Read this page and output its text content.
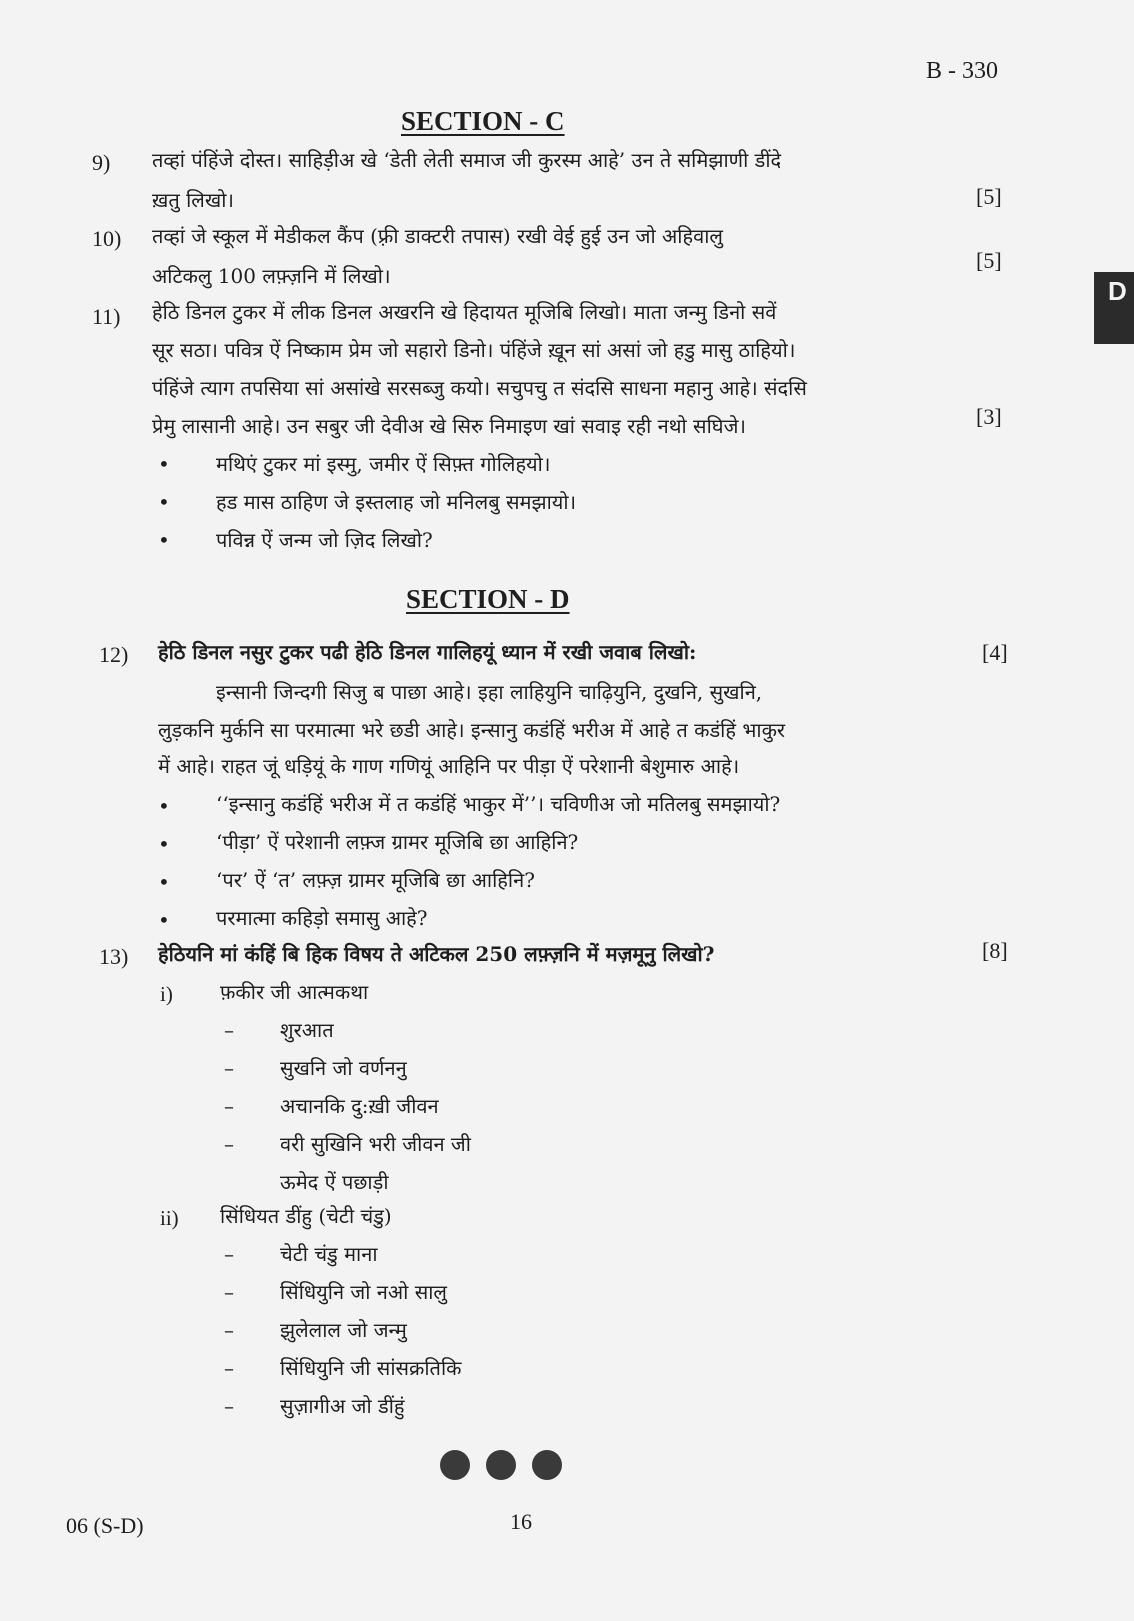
B - 330
D
SECTION - C
9) तव्हां पंहिंजे दोस्त। साहिड़ीअ खे ‘डेती लेती समाज जी कुरस्म आहे’ उन ते समिझाणी डींदे
ख़तु लिखो।	[5]
10) तव्हां जे स्कूल में मेडीकल कैंप (फ़्री डाक्टरी तपास) रखी वेई हुई उन जो अहिवालु
अटिकलु 100 लफ़्ज़नि में लिखो।
[5]
11) हेठि डिनल टुकर में लीक डिनल अखरनि खे हिदायत मूजिबि लिखो। माता जन्मु डिनो सवें
सूर सठा। पवित्र ऐं निष्काम प्रेम जो सहारो डिनो। पंहिंजे ख़ून सां असां जो हडु मासु ठाहियो।
पंहिंजे त्याग तपसिया सां असांखे सरसब्जु कयो। सचुपचु त संदसि साधना महानु आहे। संदसि
प्रेमु लासानी आहे। उन सबुर जी देवीअ खे सिरु निमाइण खां सवाइ रही नथो सघिजे।	[3]
• मथिएं टुकर मां इस्मु, जमीर ऐं सिफ़्त गोलिहयो।
• हड मास ठाहिण जे इस्तलाह जो मनिलबु समझायो।
• पविन्न ऐं जन्म जो ज़िद लिखो?
SECTION - D
12) हेठि डिनल नसुर टुकर पढी हेठि डिनल गालिहयूं ध्यान में रखी जवाब लिखो:	[4]
इन्सानी जिन्दगी सिजु ब पाछा आहे। इहा लाहियुनि चाढ़ियुनि, दुखनि, सुखनि,
लुड़कनि मुर्कनि सा परमात्मा भरे छडी आहे। इन्सानु कडंहिं भरीअ में आहे त कडंहिं भाकुर
में आहे। राहत जूं धड़ियूं के गाण गणियूं आहिनि पर पीड़ा ऐं परेशानी बेशुमारु आहे।
• ‘‘इन्सानु कडंहिं भरीअ में त कडंहिं भाकुर में’’। चविणीअ जो मतिलबु समझायो?
• ‘पीड़ा’ ऐं परेशानी लफ़्ज ग्रामर मूजिबि छा आहिनि?
• ‘पर’ ऐं ‘त’ लफ़्ज़ ग्रामर मूजिबि छा आहिनि?
• परमात्मा कहिड़ो समासु आहे?
13) हेठियनि मां कंहिं बि हिक विषय ते अटिकल 250 लफ़्ज़नि में मज़मूनु लिखो?	[8]
i) फ़कीर जी आत्मकथा
– शुरआत
– सुखनि जो वर्णननु
– अचानकि दु:ख़ी जीवन
– वरी सुखिनि भरी जीवन जी
ऊमेद ऐं पछाड़ी
ii) सिंधियत डींहु (चेटी चंडु)
– चेटी चंडु माना
– सिंधियुनि जो नओ सालु
– झुलेलाल जो जन्मु
– सिंधियुनि जी सांसक्रतिकि
– सुज़ागीअ जो डींहुं
06 (S-D)	16
